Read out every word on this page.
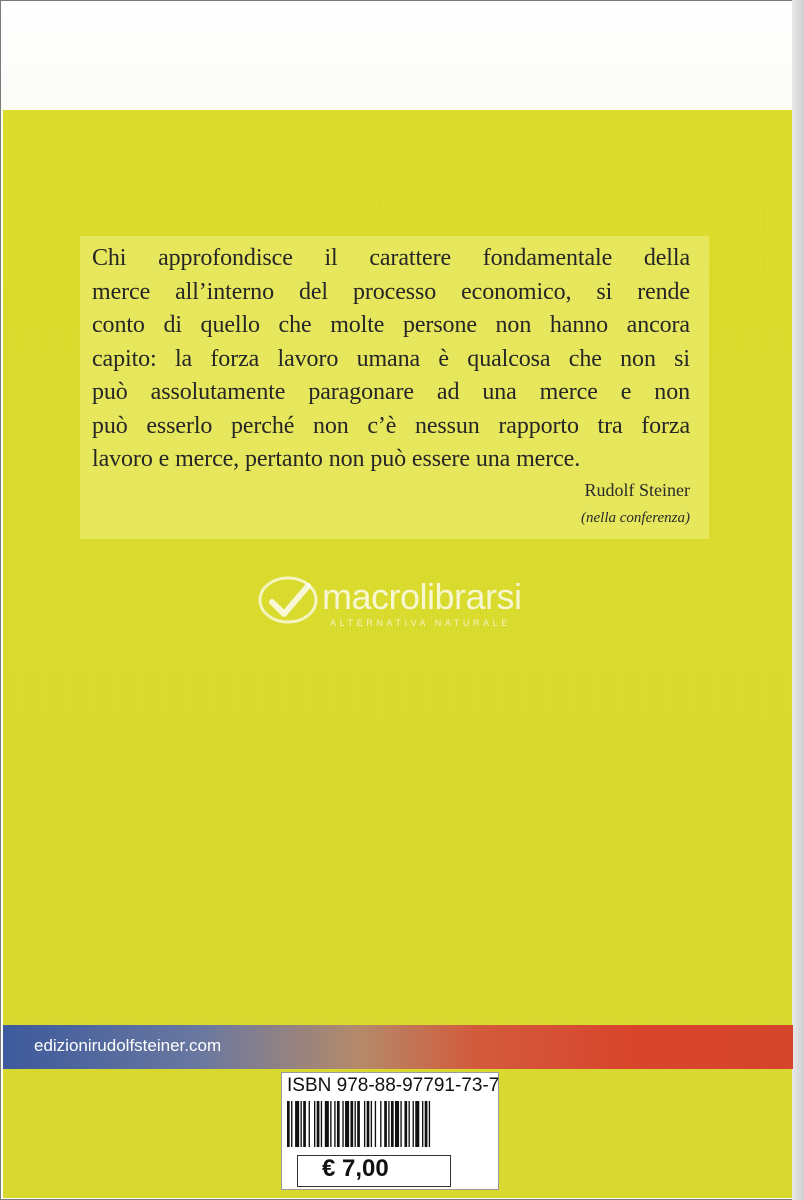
Chi approfondisce il carattere fondamentale della
merce all’interno del processo economico, si rende
conto di quello che molte persone non hanno ancora
capito: la forza lavoro umana è qualcosa che non si
può assolutamente paragonare ad una merce e non
può esserlo perché non c’è nessun rapporto tra forza
lavoro e merce, pertanto non può essere una merce.
Rudolf Steiner
(nella conferenza)
macrolibrarsi
ALTERNATIVA NATURALE
edizionirudolfsteiner.com
ISBN 978-88-97791-73-7
€ 7,00
